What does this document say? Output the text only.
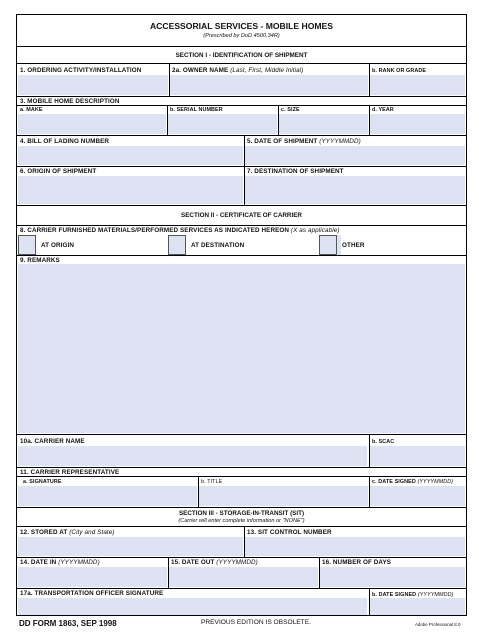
ACCESSORIAL SERVICES - MOBILE HOMES
(Prescribed by DoD 4500.34R)
SECTION I - IDENTIFICATION OF SHIPMENT
1. ORDERING ACTIVITY/INSTALLATION	2a. OWNER NAME (Last, First, Middle Initial)	b. RANK OR GRADE
3. MOBILE HOME DESCRIPTION
a. MAKE	b. SERIAL NUMBER	c. SIZE	d. YEAR
4. BILL OF LADING NUMBER	5. DATE OF SHIPMENT (YYYYMMDD)
6. ORIGIN OF SHIPMENT	7. DESTINATION OF SHIPMENT
SECTION II - CERTIFICATE OF CARRIER
8. CARRIER FURNISHED MATERIALS/PERFORMED SERVICES AS INDICATED HEREON (X as applicable)
AT ORIGIN	AT DESTINATION	OTHER
9. REMARKS
10a. CARRIER NAME	b. SCAC
11. CARRIER REPRESENTATIVE
a. SIGNATURE	b. TITLE	c. DATE SIGNED (YYYYMMDD)
SECTION III - STORAGE-IN-TRANSIT (SIT)
(Carrier will enter complete information or "NONE")
12. STORED AT (City and State)	13. SIT CONTROL NUMBER
14. DATE IN (YYYYMMDD)	15. DATE OUT (YYYYMMDD)	16. NUMBER OF DAYS
17a. TRANSPORTATION OFFICER SIGNATURE	b. DATE SIGNED (YYYYMMDD)
DD FORM 1863, SEP 1998	PREVIOUS EDITION IS OBSOLETE.	Adobe Professional 8.0
